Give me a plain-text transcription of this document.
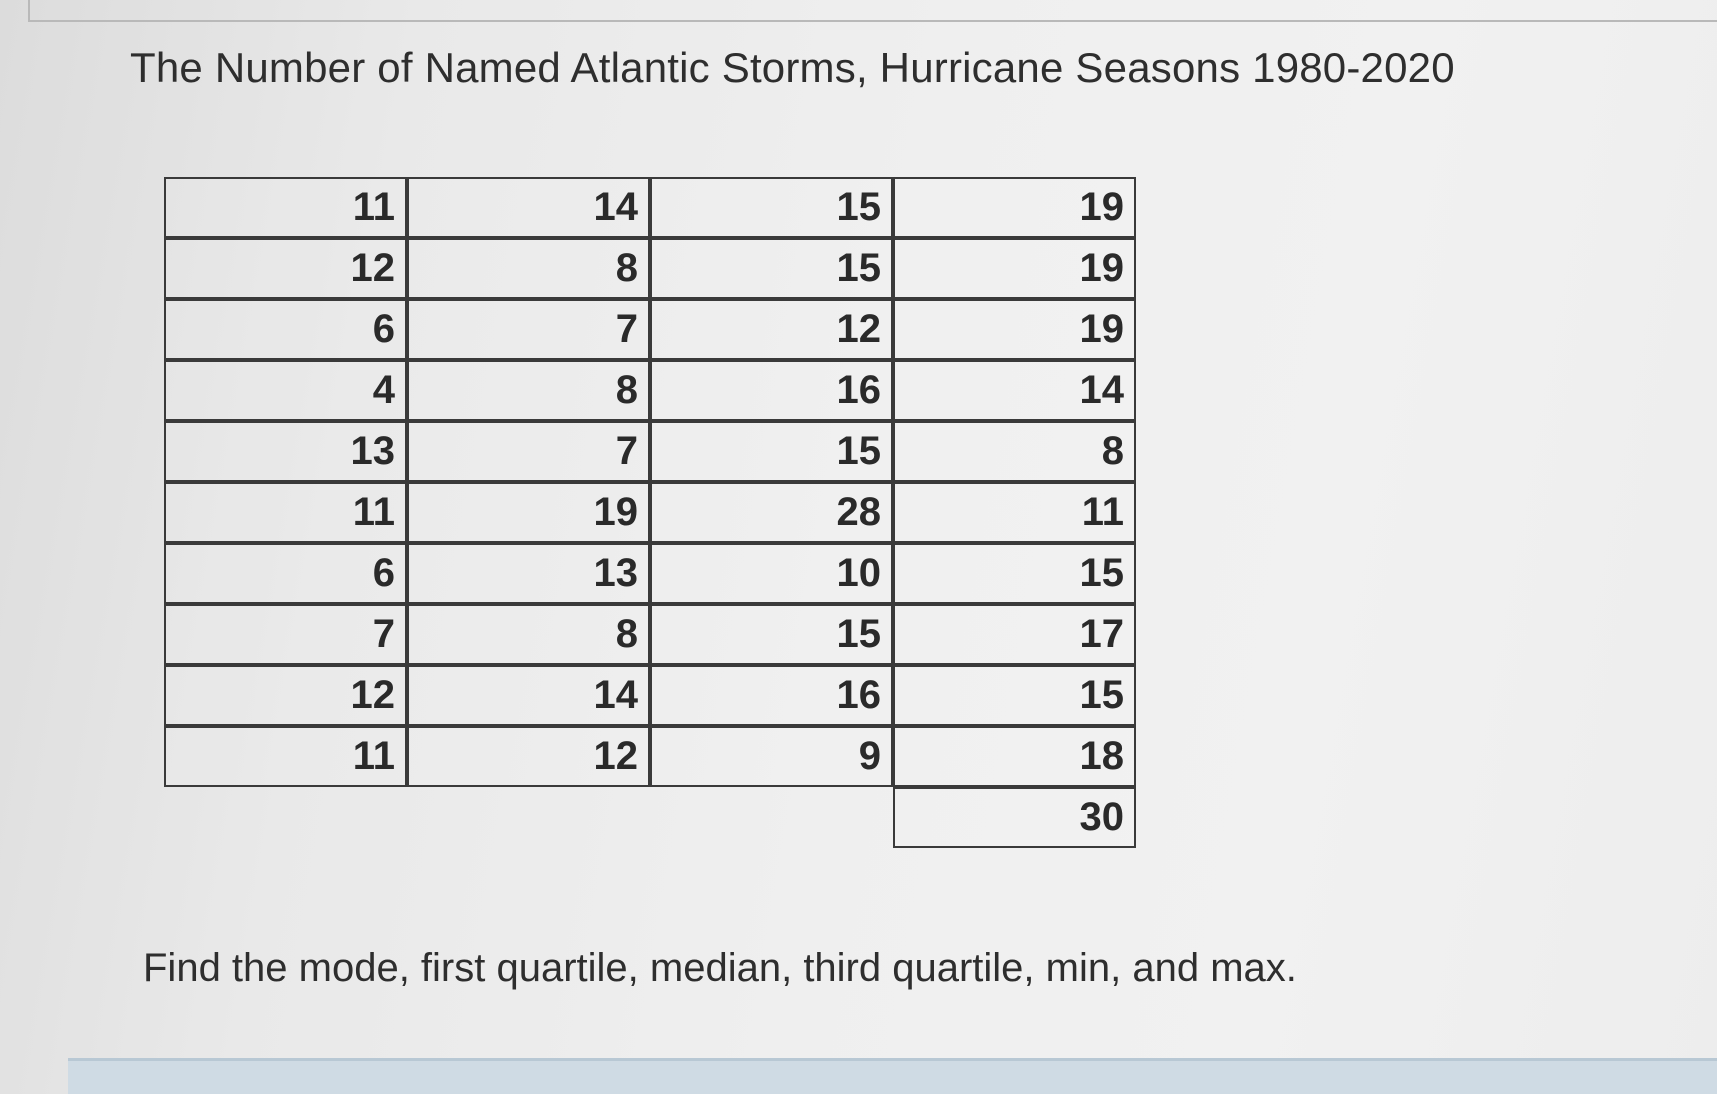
The Number of Named Atlantic Storms, Hurricane Seasons 1980-2020
11
12
6
4
13
11
6
7
12
11
14
8
7
8
7
19
13
8
14
12
15
15
12
16
15
28
10
15
16
9
19
19
19
14
8
11
15
17
15
18
30
Find the mode, first quartile, median, third quartile, min, and max.
